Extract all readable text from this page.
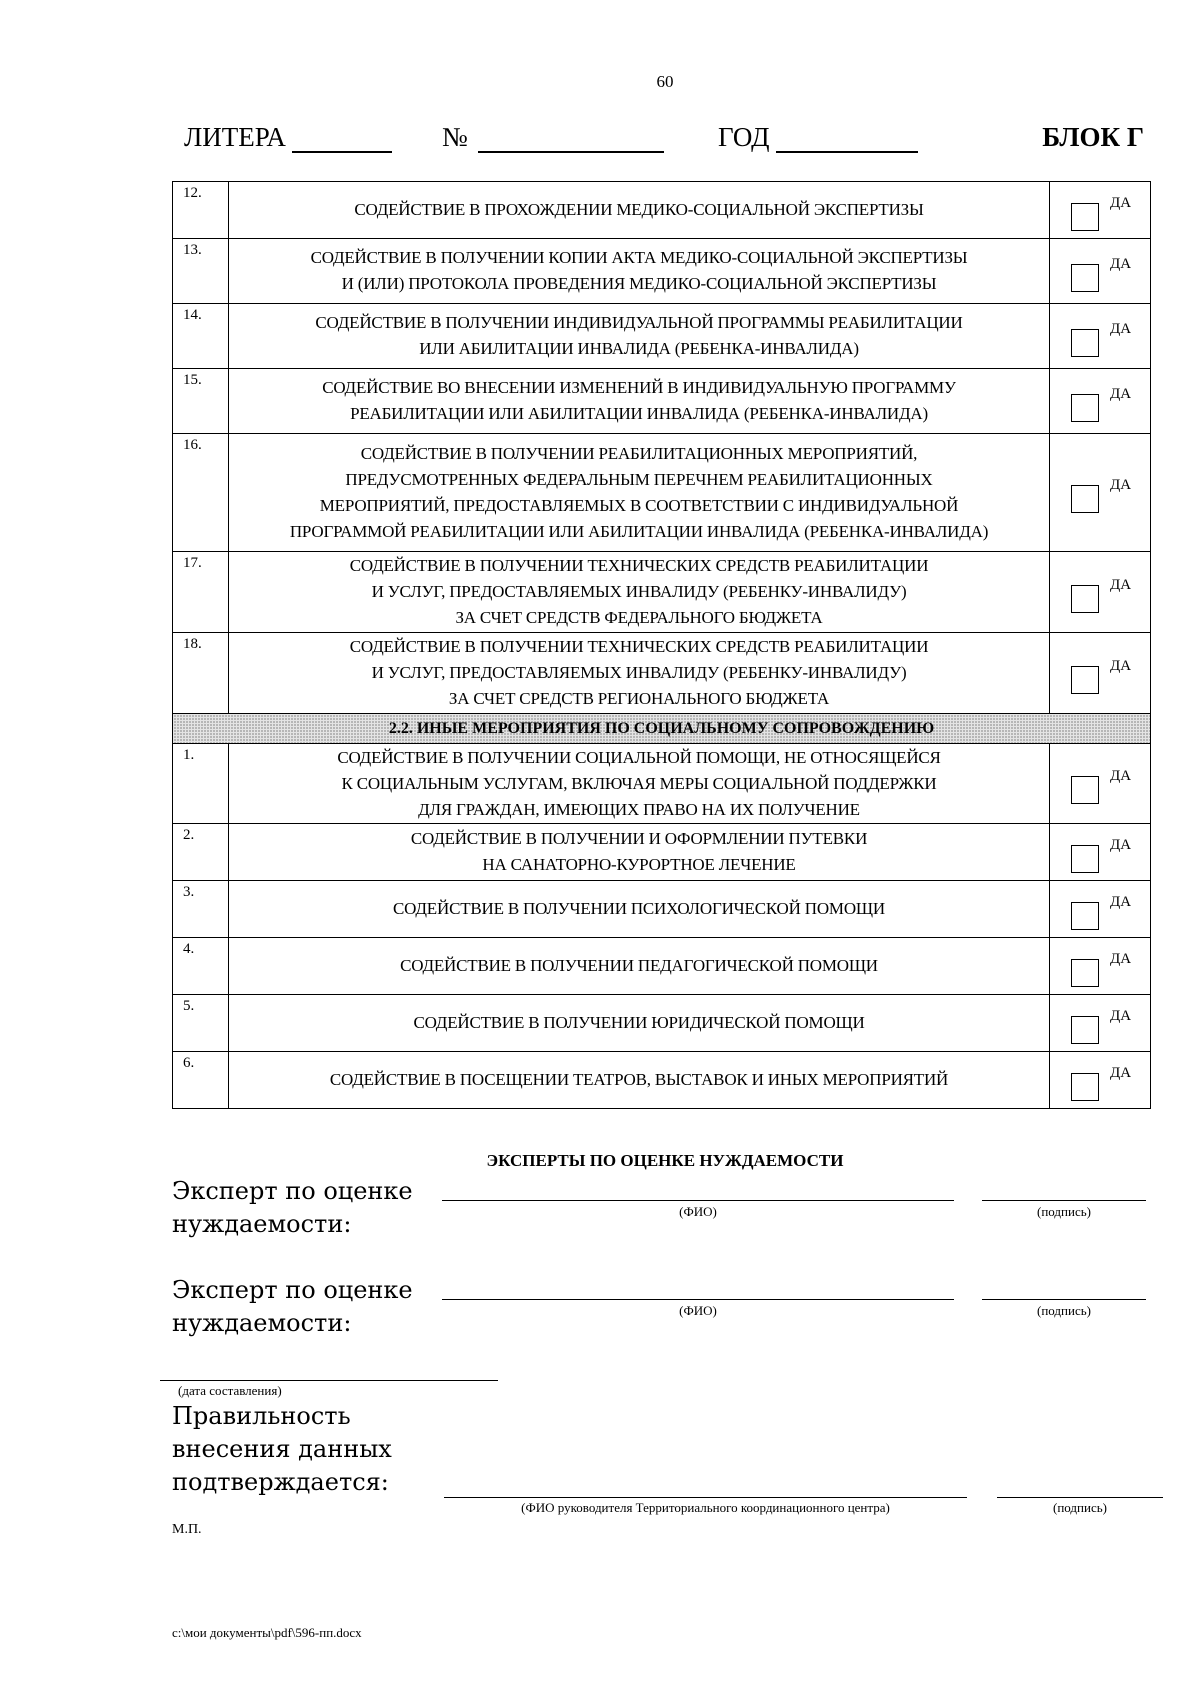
60
ЛИТЕРА	№	ГОД	БЛОК Г
12.	СОДЕЙСТВИЕ В ПРОХОЖДЕНИИ МЕДИКО-СОЦИАЛЬНОЙ ЭКСПЕРТИЗЫ	ДА

13.	СОДЕЙСТВИЕ В ПОЛУЧЕНИИ КОПИИ АКТА МЕДИКО-СОЦИАЛЬНОЙ ЭКСПЕРТИЗЫ
И (ИЛИ) ПРОТОКОЛА ПРОВЕДЕНИЯ МЕДИКО-СОЦИАЛЬНОЙ ЭКСПЕРТИЗЫ	ДА

14.	СОДЕЙСТВИЕ В ПОЛУЧЕНИИ ИНДИВИДУАЛЬНОЙ ПРОГРАММЫ РЕАБИЛИТАЦИИ
ИЛИ АБИЛИТАЦИИ ИНВАЛИДА (РЕБЕНКА-ИНВАЛИДА)	ДА

15.	СОДЕЙСТВИЕ ВО ВНЕСЕНИИ ИЗМЕНЕНИЙ В ИНДИВИДУАЛЬНУЮ ПРОГРАММУ
РЕАБИЛИТАЦИИ ИЛИ АБИЛИТАЦИИ ИНВАЛИДА (РЕБЕНКА-ИНВАЛИДА)	ДА

16.	СОДЕЙСТВИЕ В ПОЛУЧЕНИИ РЕАБИЛИТАЦИОННЫХ МЕРОПРИЯТИЙ,
ПРЕДУСМОТРЕННЫХ ФЕДЕРАЛЬНЫМ ПЕРЕЧНЕМ РЕАБИЛИТАЦИОННЫХ
МЕРОПРИЯТИЙ, ПРЕДОСТАВЛЯЕМЫХ В СООТВЕТСТВИИ С ИНДИВИДУАЛЬНОЙ
ПРОГРАММОЙ РЕАБИЛИТАЦИИ ИЛИ АБИЛИТАЦИИ ИНВАЛИДА (РЕБЕНКА-ИНВАЛИДА)	ДА

17.	СОДЕЙСТВИЕ В ПОЛУЧЕНИИ ТЕХНИЧЕСКИХ СРЕДСТВ РЕАБИЛИТАЦИИ
И УСЛУГ, ПРЕДОСТАВЛЯЕМЫХ ИНВАЛИДУ (РЕБЕНКУ-ИНВАЛИДУ)
ЗА СЧЕТ СРЕДСТВ ФЕДЕРАЛЬНОГО БЮДЖЕТА	ДА

18.	СОДЕЙСТВИЕ В ПОЛУЧЕНИИ ТЕХНИЧЕСКИХ СРЕДСТВ РЕАБИЛИТАЦИИ
И УСЛУГ, ПРЕДОСТАВЛЯЕМЫХ ИНВАЛИДУ (РЕБЕНКУ-ИНВАЛИДУ)
ЗА СЧЕТ СРЕДСТВ РЕГИОНАЛЬНОГО БЮДЖЕТА	ДА

2.2. ИНЫЕ МЕРОПРИЯТИЯ ПО СОЦИАЛЬНОМУ СОПРОВОЖДЕНИЮ		
1.	СОДЕЙСТВИЕ В ПОЛУЧЕНИИ СОЦИАЛЬНОЙ ПОМОЩИ, НЕ ОТНОСЯЩЕЙСЯ
К СОЦИАЛЬНЫМ УСЛУГАМ, ВКЛЮЧАЯ МЕРЫ СОЦИАЛЬНОЙ ПОДДЕРЖКИ
ДЛЯ ГРАЖДАН, ИМЕЮЩИХ ПРАВО НА ИХ ПОЛУЧЕНИЕ	ДА

2.	СОДЕЙСТВИЕ В ПОЛУЧЕНИИ И ОФОРМЛЕНИИ ПУТЕВКИ
НА САНАТОРНО-КУРОРТНОЕ ЛЕЧЕНИЕ	ДА

3.	СОДЕЙСТВИЕ В ПОЛУЧЕНИИ ПСИХОЛОГИЧЕСКОЙ ПОМОЩИ	ДА

4.	СОДЕЙСТВИЕ В ПОЛУЧЕНИИ ПЕДАГОГИЧЕСКОЙ ПОМОЩИ	ДА

5.	СОДЕЙСТВИЕ В ПОЛУЧЕНИИ ЮРИДИЧЕСКОЙ ПОМОЩИ	ДА

6.	СОДЕЙСТВИЕ В ПОСЕЩЕНИИ ТЕАТРОВ, ВЫСТАВОК И ИНЫХ МЕРОПРИЯТИЙ	ДА
ЭКСПЕРТЫ ПО ОЦЕНКЕ НУЖДАЕМОСТИ
Эксперт по оценке
нуждаемости:	(ФИО)	(подпись)
Эксперт по оценке
нуждаемости:	(ФИО)	(подпись)
(дата составления)
Правильность
внесения данных
подтверждается:
(ФИО руководителя Территориального координационного центра)	(подпись)
М.П.
c:\мои документы\pdf\596-пп.docx
